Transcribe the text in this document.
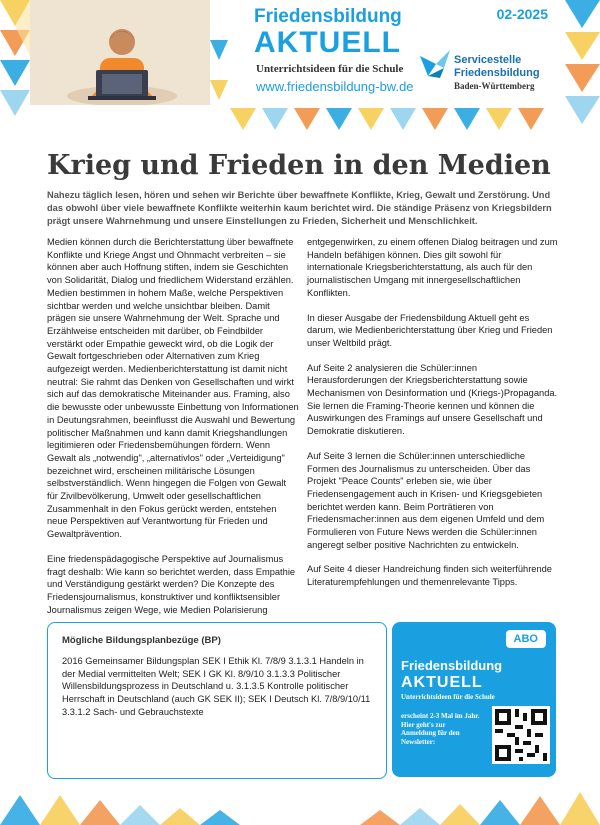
Friedensbildung
AKTUELL
Unterrichtsideen für die Schule
www.friedensbildung-bw.de
02-2025
Servicestelle
Friedensbildung
Baden-Württemberg
Krieg und Frieden in den Medien

Nahezu täglich lesen, hören und sehen wir Berichte über bewaffnete Konflikte, Krieg, Gewalt und Zerstörung. Und das obwohl über viele bewaffnete Konflikte weiterhin kaum berichtet wird. Die ständige Präsenz von Kriegsbildern prägt unsere Wahrnehmung und unsere Einstellungen zu Frieden, Sicherheit und Menschlichkeit.

Medien können durch die Berichterstattung über bewaffnete Konflikte und Kriege Angst und Ohnmacht verbreiten – sie können aber auch Hoffnung stiften, indem sie Geschichten von Solidarität, Dialog und friedlichem Widerstand erzählen. Medien bestimmen in hohem Maße, welche Perspektiven sichtbar werden und welche unsichtbar bleiben. Damit prägen sie unsere Wahrnehmung der Welt. Sprache und Erzählweise entscheiden mit darüber, ob Feindbilder verstärkt oder Empathie geweckt wird, ob die Logik der Gewalt fortgeschrieben oder Alternativen zum Krieg aufgezeigt werden. Medienberichterstattung ist damit nicht neutral: Sie rahmt das Denken von Gesellschaften und wirkt sich auf das demokratische Miteinander aus. Framing, also die bewusste oder unbewusste Einbettung von Informationen in Deutungsrahmen, beeinflusst die Auswahl und Bewertung politischer Maßnahmen und kann damit Kriegshandlungen legitimieren oder Friedensbemühungen fördern. Wenn Gewalt als „notwendig", „alternativlos" oder „Verteidigung" bezeichnet wird, erscheinen militärische Lösungen selbstverständlich. Wenn hingegen die Folgen von Gewalt für Zivilbevölkerung, Umwelt oder gesellschaftlichen Zusammenhalt in den Fokus gerückt werden, entstehen neue Perspektiven auf Verantwortung für Frieden und Gewaltprävention.

Eine friedenspädagogische Perspektive auf Journalismus fragt deshalb: Wie kann so berichtet werden, dass Empathie und Verständigung gestärkt werden? Die Konzepte des Friedensjournalismus, konstruktiver und konfliktsensibler Journalismus zeigen Wege, wie Medien Polarisierung

entgegenwirken, zu einem offenen Dialog beitragen und zum Handeln befähigen können. Dies gilt sowohl für internationale Kriegsberichterstattung, als auch für den journalistischen Umgang mit innergesellschaftlichen Konflikten.

In dieser Ausgabe der Friedensbildung Aktuell geht es darum, wie Medienberichterstattung über Krieg und Frieden unser Weltbild prägt.

Auf Seite 2 analysieren die Schüler:innen Herausforderungen der Kriegsberichterstattung sowie Mechanismen von Desinformation und (Kriegs-)Propaganda. Sie lernen die Framing-Theorie kennen und können die Auswirkungen des Framings auf unsere Gesellschaft und Demokratie diskutieren.

Auf Seite 3 lernen die Schüler:innen unterschiedliche Formen des Journalismus zu unterscheiden. Über das Projekt "Peace Counts" erleben sie, wie über Friedensengagement auch in Krisen- und Kriegsgebieten berichtet werden kann. Beim Porträtieren von Friedensmacher:innen aus dem eigenen Umfeld und dem Formulieren von Future News werden die Schüler:innen angeregt selber positive Nachrichten zu entwickeln.

Auf Seite 4 dieser Handreichung finden sich weiterführende Literaturempfehlungen und themenrelevante Tipps.

Mögliche Bildungsplanbezüge (BP)
2016 Gemeinsamer Bildungsplan SEK I Ethik Kl. 7/8/9 3.1.3.1 Handeln in der Medial vermittelten Welt; SEK I GK Kl. 8/9/10 3.1.3.3 Politischer Willensbildungsprozess in Deutschland u. 3.1.3.5 Kontrolle politischer Herrschaft in Deutschland (auch GK SEK II); SEK I Deutsch Kl. 7/8/9/10/11 3.3.1.2 Sach- und Gebrauchstexte
ABO
Friedensbildung
AKTUELL
Unterrichtsideen für die Schule
erscheint 2-3 Mal im Jahr. Hier geht's zur Anmeldung für den Newsletter:
